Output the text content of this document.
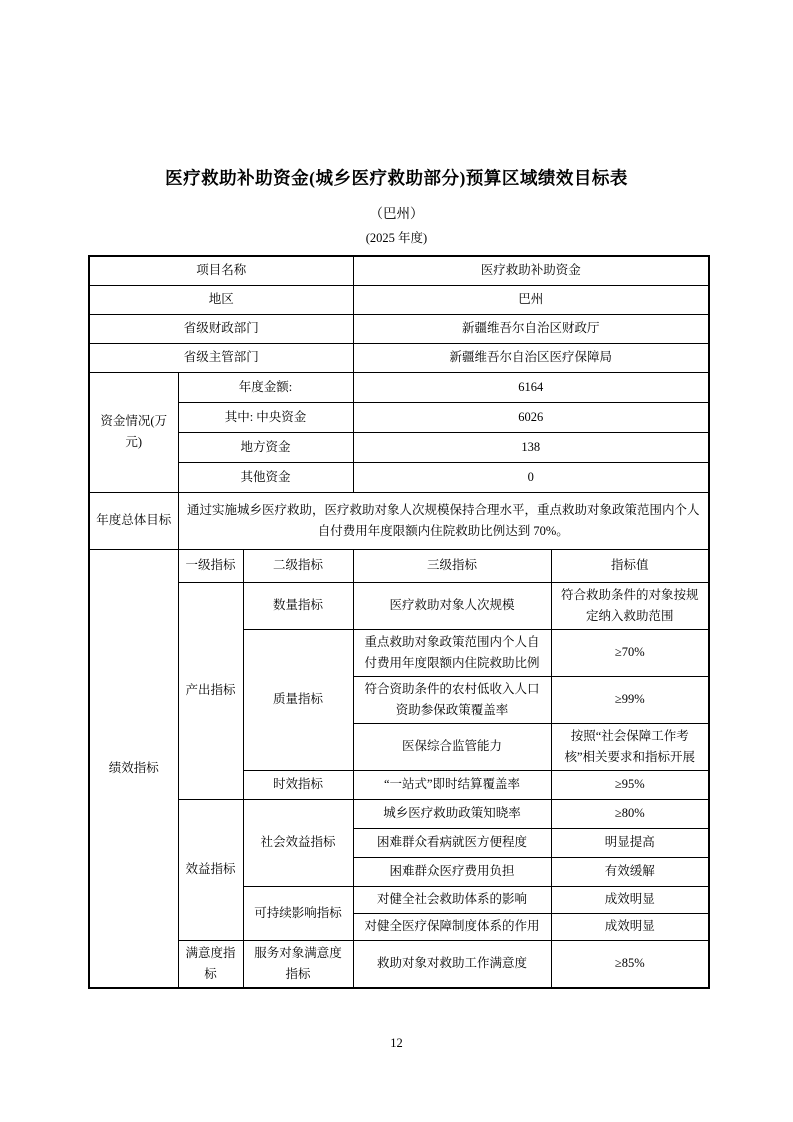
医疗救助补助资金(城乡医疗救助部分)预算区域绩效目标表
（巴州）
(2025 年度)
项目名称			医疗救助补助资金	
地区			巴州	
省级财政部门			新疆维吾尔自治区财政厅	
省级主管部门			新疆维吾尔自治区医疗保障局	
资金情况(万元)	年度金额:		6164	
	其中: 中央资金		6026	
	地方资金		138	
	其他资金		0	
年度总体目标	通过实施城乡医疗救助，医疗救助对象人次规模保持合理水平，重点救助对象政策范围内个人自付费用年度限额内住院救助比例达到 70%。			
绩效指标	一级指标	二级指标	三级指标	指标值
	产出指标	数量指标	医疗救助对象人次规模	符合救助条件的对象按规定纳入救助范围
		质量指标	重点救助对象政策范围内个人自付费用年度限额内住院救助比例	≥70%
			符合资助条件的农村低收入人口资助参保政策覆盖率	≥99%
			医保综合监管能力	按照“社会保障工作考核”相关要求和指标开展
		时效指标	“一站式”即时结算覆盖率	≥95%
	效益指标	社会效益指标	城乡医疗救助政策知晓率	≥80%
			困难群众看病就医方便程度	明显提高
			困难群众医疗费用负担	有效缓解
		可持续影响指标	对健全社会救助体系的影响	成效明显
			对健全医疗保障制度体系的作用	成效明显
	满意度指标	服务对象满意度指标	救助对象对救助工作满意度	≥85%
12
